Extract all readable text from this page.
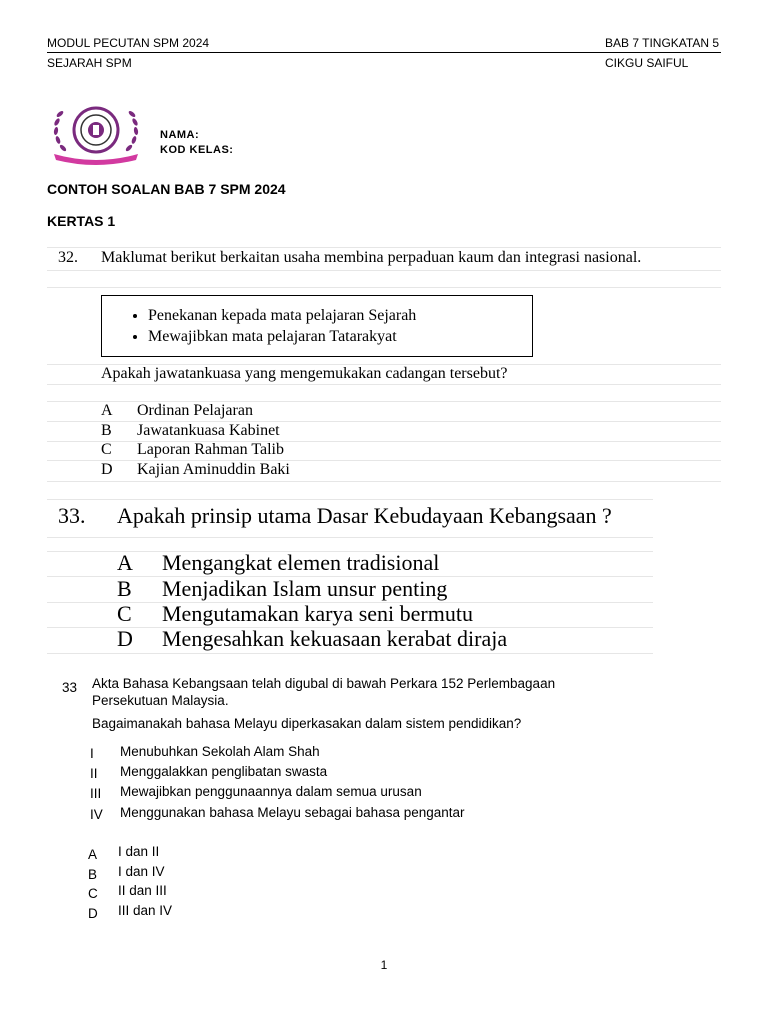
MODUL PECUTAN SPM 2024	BAB 7 TINGKATAN 5
SEJARAH SPM	CIKGU SAIFUL
NAMA:
KOD KELAS:
CONTOH SOALAN BAB 7 SPM 2024
KERTAS 1
32. Maklumat berikut berkaitan usaha membina perpaduan kaum dan integrasi nasional.
• Penekanan kepada mata pelajaran Sejarah
• Mewajibkan mata pelajaran Tatarakyat
Apakah jawatankuasa yang mengemukakan cadangan tersebut?
A Ordinan Pelajaran
B Jawatankuasa Kabinet
C Laporan Rahman Talib
D Kajian Aminuddin Baki
33. Apakah prinsip utama Dasar Kebudayaan Kebangsaan ?
A Mengangkat elemen tradisional
B Menjadikan Islam unsur penting
C Mengutamakan karya seni bermutu
D Mengesahkan kekuasaan kerabat diraja
33 Akta Bahasa Kebangsaan telah digubal di bawah Perkara 152 Perlembagaan
Persekutuan Malaysia.
Bagaimanakah bahasa Melayu diperkasakan dalam sistem pendidikan?
I Menubuhkan Sekolah Alam Shah
II Menggalakkan penglibatan swasta
III Mewajibkan penggunaannya dalam semua urusan
IV Menggunakan bahasa Melayu sebagai bahasa pengantar
A I dan II
B I dan IV
C II dan III
D III dan IV
1
